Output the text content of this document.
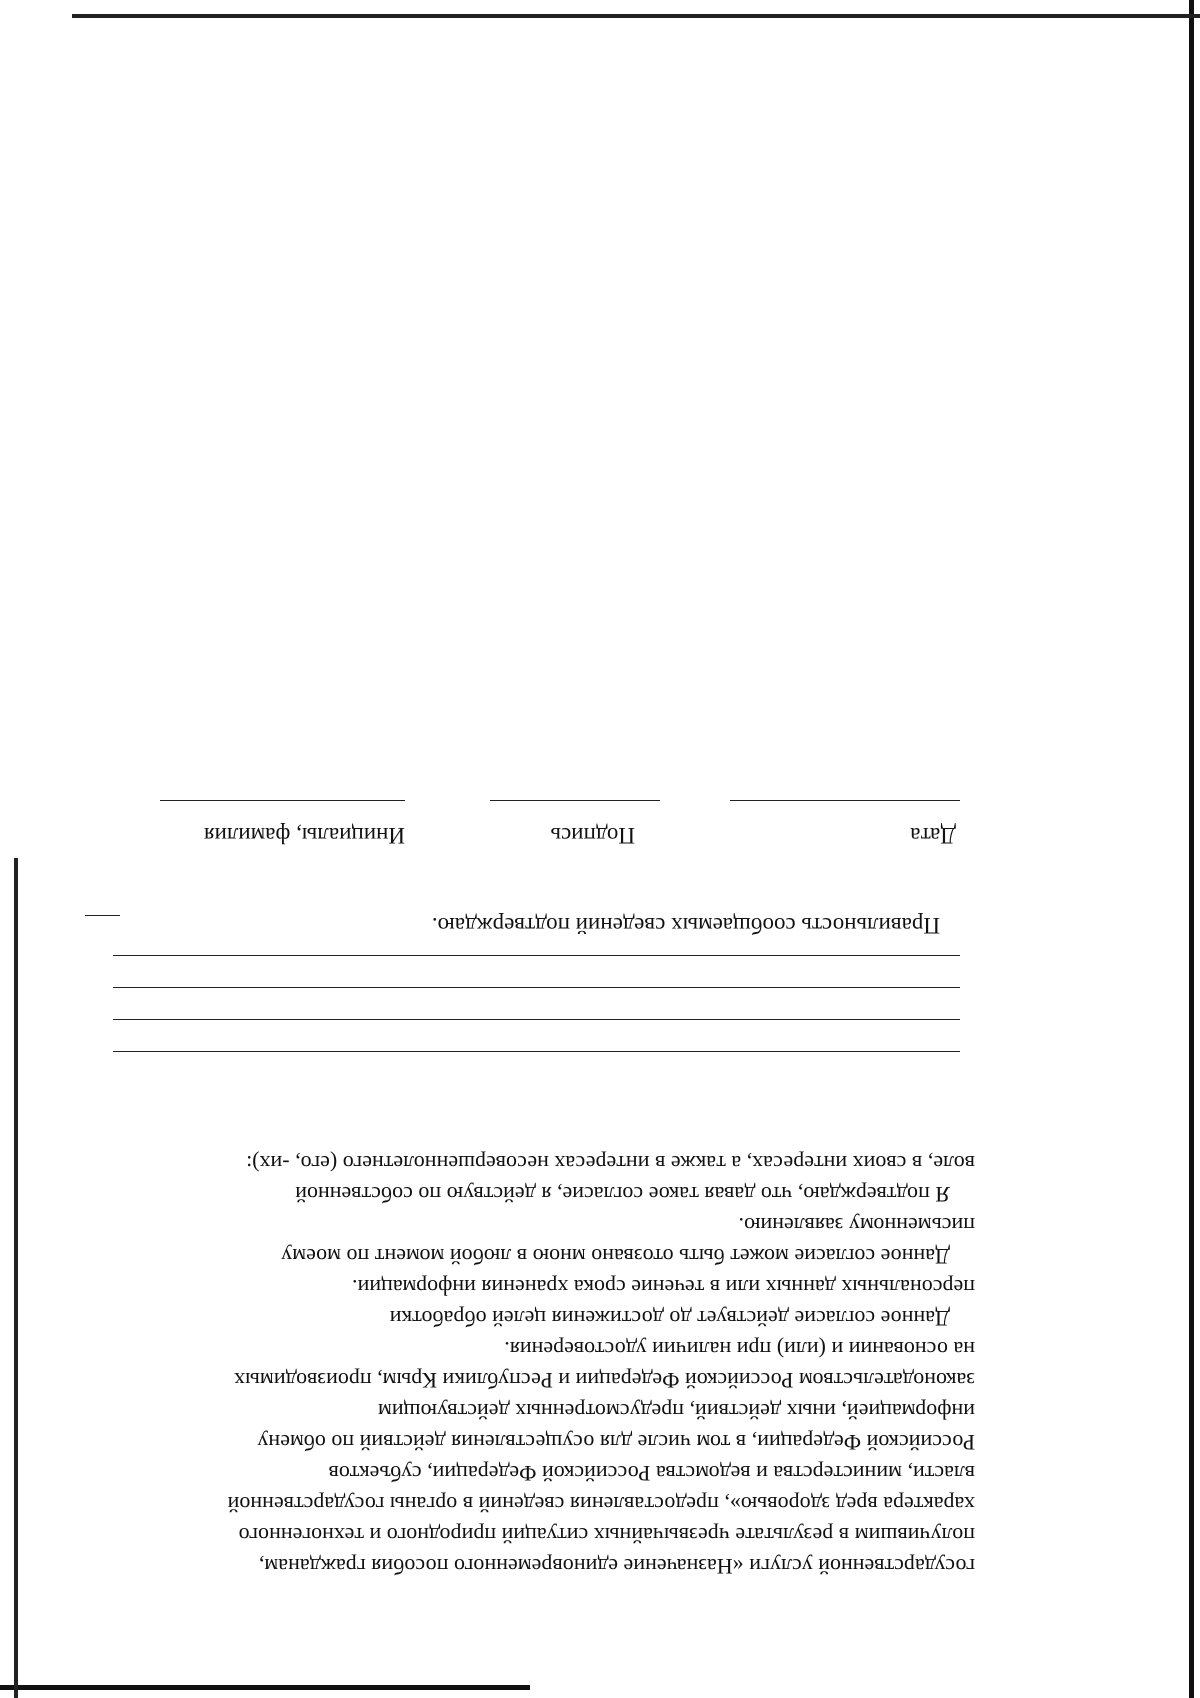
государственной услуги «Назначение единовременного пособия гражданам,

получившим в результате чрезвычайных ситуаций природного и техногенного

характера вред здоровью», предоставления сведений в органы государственной

власти, министерства и ведомства Российской Федерации, субъектов

Российской Федерации, в том числе для осуществления действий по обмену

информацией, иных действий, предусмотренных действующим

законодательством Российской Федерации и Республики Крым, производимых

на основании и (или) при наличии удостоверения.

Данное согласие действует до достижения целей обработки

персональных данных или в течение срока хранения информации.

Данное согласие может быть отозвано мною в любой момент по моему

письменному заявлению.

Я подтверждаю, что давая такое согласие, я действую по собственной

воле, в своих интересах, а также в интересах несовершеннолетнего (его, -их):

Правильность сообщаемых сведений подтверждаю.
Дата
Подпись
Инициалы, фамилия
